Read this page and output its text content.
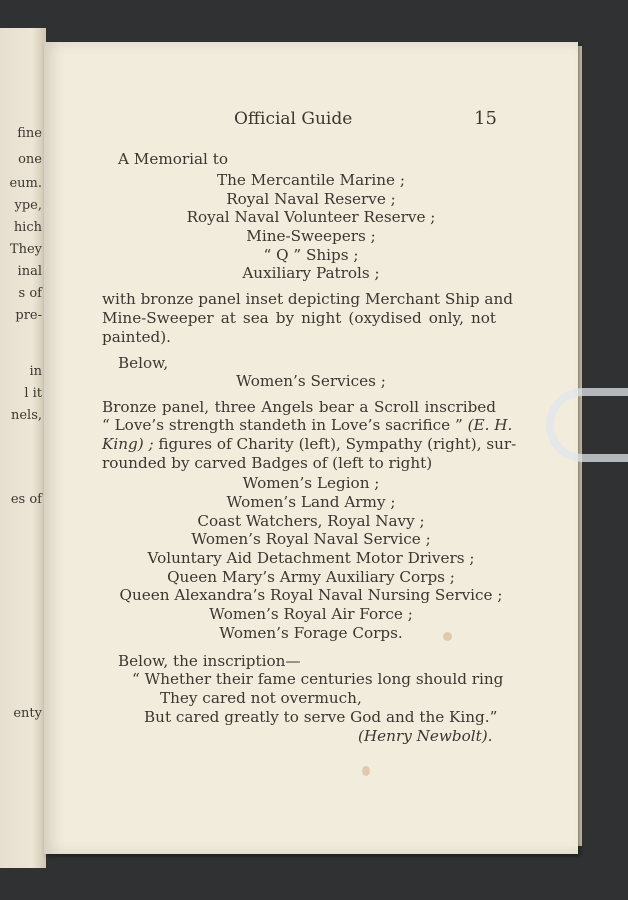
fine
one
eum.
ype,
hich
They
inal
s of
pre-
in
l it
nels,
es of
enty
Official Guide	15
A Memorial to
The Mercantile Marine ;
Royal Naval Reserve ;
Royal Naval Volunteer Reserve ;
Mine-Sweepers ;
“ Q ” Ships ;
Auxiliary Patrols ;
with bronze panel inset depicting Merchant Ship and
Mine-Sweeper at sea by night (oxydised only, not
painted).
Below,
Women’s Services ;
Bronze panel, three Angels bear a Scroll inscribed
“ Love’s strength standeth in Love’s sacrifice ” (E. H.
King) ; figures of Charity (left), Sympathy (right), sur-
rounded by carved Badges of (left to right)
Women’s Legion ;
Women’s Land Army ;
Coast Watchers, Royal Navy ;
Women’s Royal Naval Service ;
Voluntary Aid Detachment Motor Drivers ;
Queen Mary’s Army Auxiliary Corps ;
Queen Alexandra’s Royal Naval Nursing Service ;
Women’s Royal Air Force ;
Women’s Forage Corps.
Below, the inscription—
“ Whether their fame centuries long should ring
They cared not overmuch,
But cared greatly to serve God and the King.”
(Henry Newbolt).
